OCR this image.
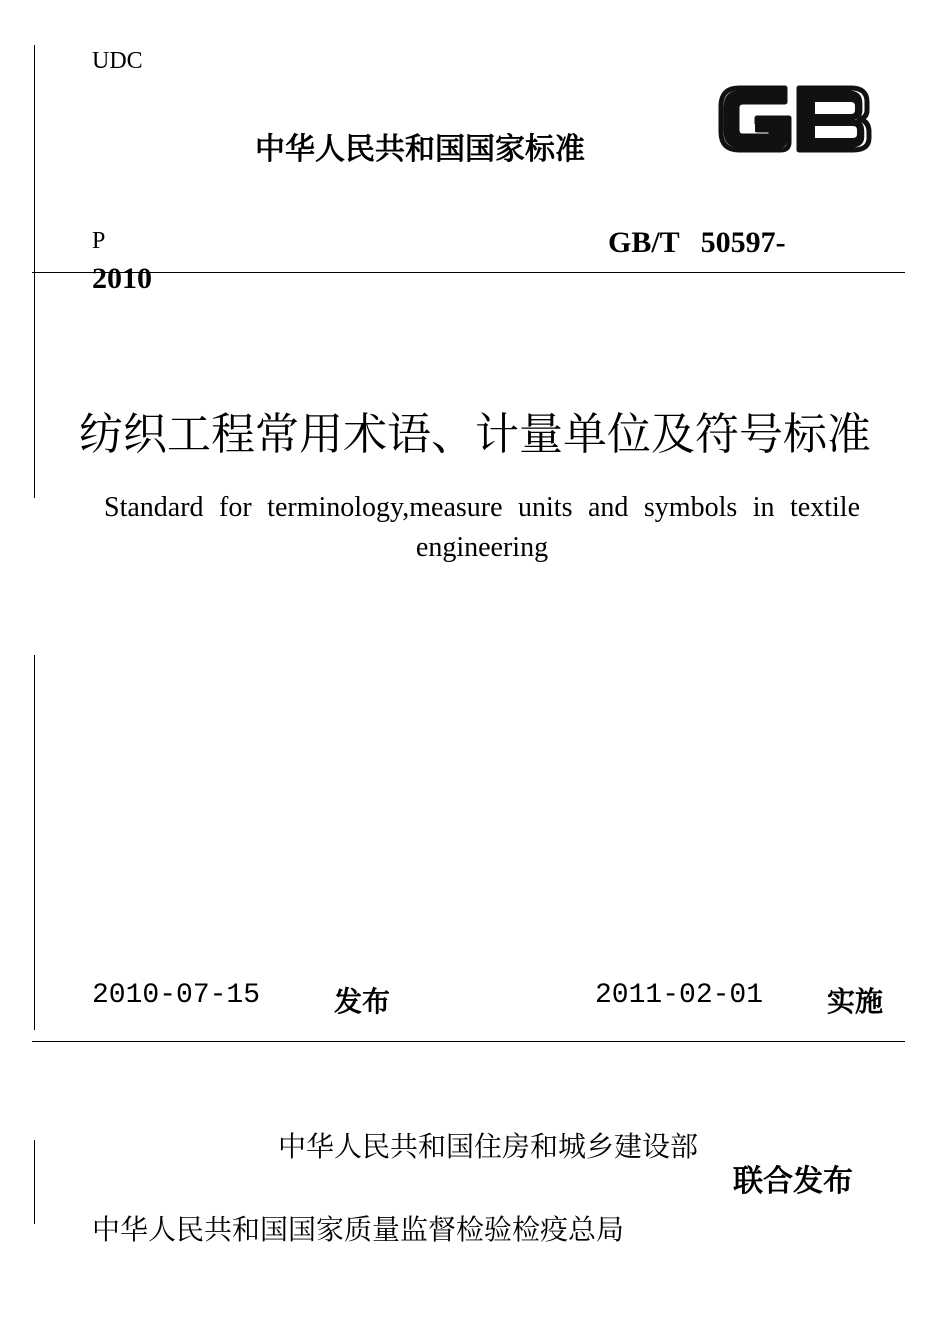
UDC
中华人民共和国国家标准
P	GB/T 50597-
2010
纺织工程常用术语、计量单位及符号标准
Standard for terminology,measure units and symbols in textile engineering
2010-07-15	发布	2011-02-01 实施
中华人民共和国住房和城乡建设部
中华人民共和国国家质量监督检验检疫总局
联合发布
